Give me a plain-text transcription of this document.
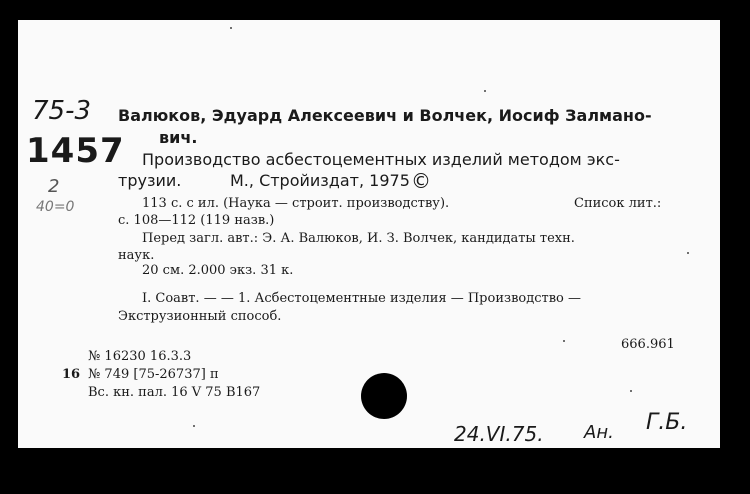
75-3
1457
2
40=0
Валюков, Эдуард Алексеевич и Волчек, Иосиф Залмано-
вич.
Производство асбестоцементных изделий методом экс-
трузии.	М., Стройиздат, 1975 ©
113 с. с ил. (Наука — строит. производству).	Список лит.:
с. 108—112 (119 назв.)
Перед загл. авт.: Э. А. Валюков, И. З. Волчек, кандидаты техн.
наук.
20 см. 2.000 экз. 31 к.
I. Соавт. — — 1. Асбестоцементные изделия — Производство —
Экструзионный способ.
666.961
№ 16230 16.3.3
16 № 749 [75-26737] п
Вс. кн. пал. 16 V 75 В167
24.VI.75. Ан. Г.Б.
